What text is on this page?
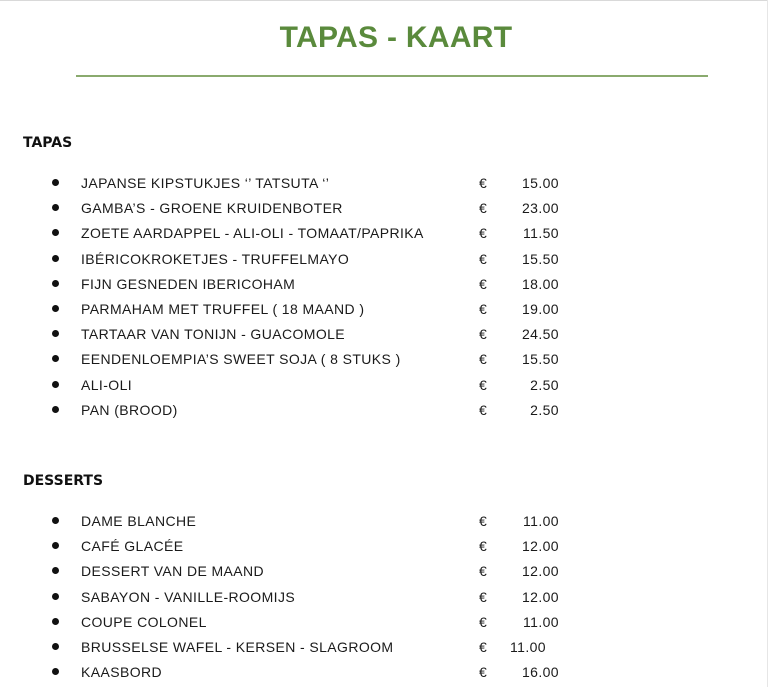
TAPAS - KAART
TAPAS
JAPANSE KIPSTUKJES ‘’ TATSUTA ‘’	€ 15.00
GAMBA’S - GROENE KRUIDENBOTER	€ 23.00
ZOETE AARDAPPEL - ALI-OLI - TOMAAT/PAPRIKA	€	11.50
IBÉRICOKROKETJES - TRUFFELMAYO	€ 15.50
FIJN GESNEDEN IBERICOHAM	€ 18.00
PARMAHAM MET TRUFFEL ( 18 MAAND )	€ 19.00
TARTAAR VAN TONIJN - GUACOMOLE	€ 24.50
EENDENLOEMPIA’S SWEET SOJA ( 8 STUKS )	€ 15.50
ALI-OLI	€	2.50
PAN (BROOD)	€	2.50
DESSERTS
DAME BLANCHE	€	11.00
CAFÉ GLACÉE	€ 12.00
DESSERT VAN DE MAAND	€ 12.00
SABAYON - VANILLE-ROOMIJS	€ 12.00
COUPE COLONEL	€	11.00
BRUSSELSE WAFEL - KERSEN - SLAGROOM	€ 11.00
KAASBORD	€ 16.00
